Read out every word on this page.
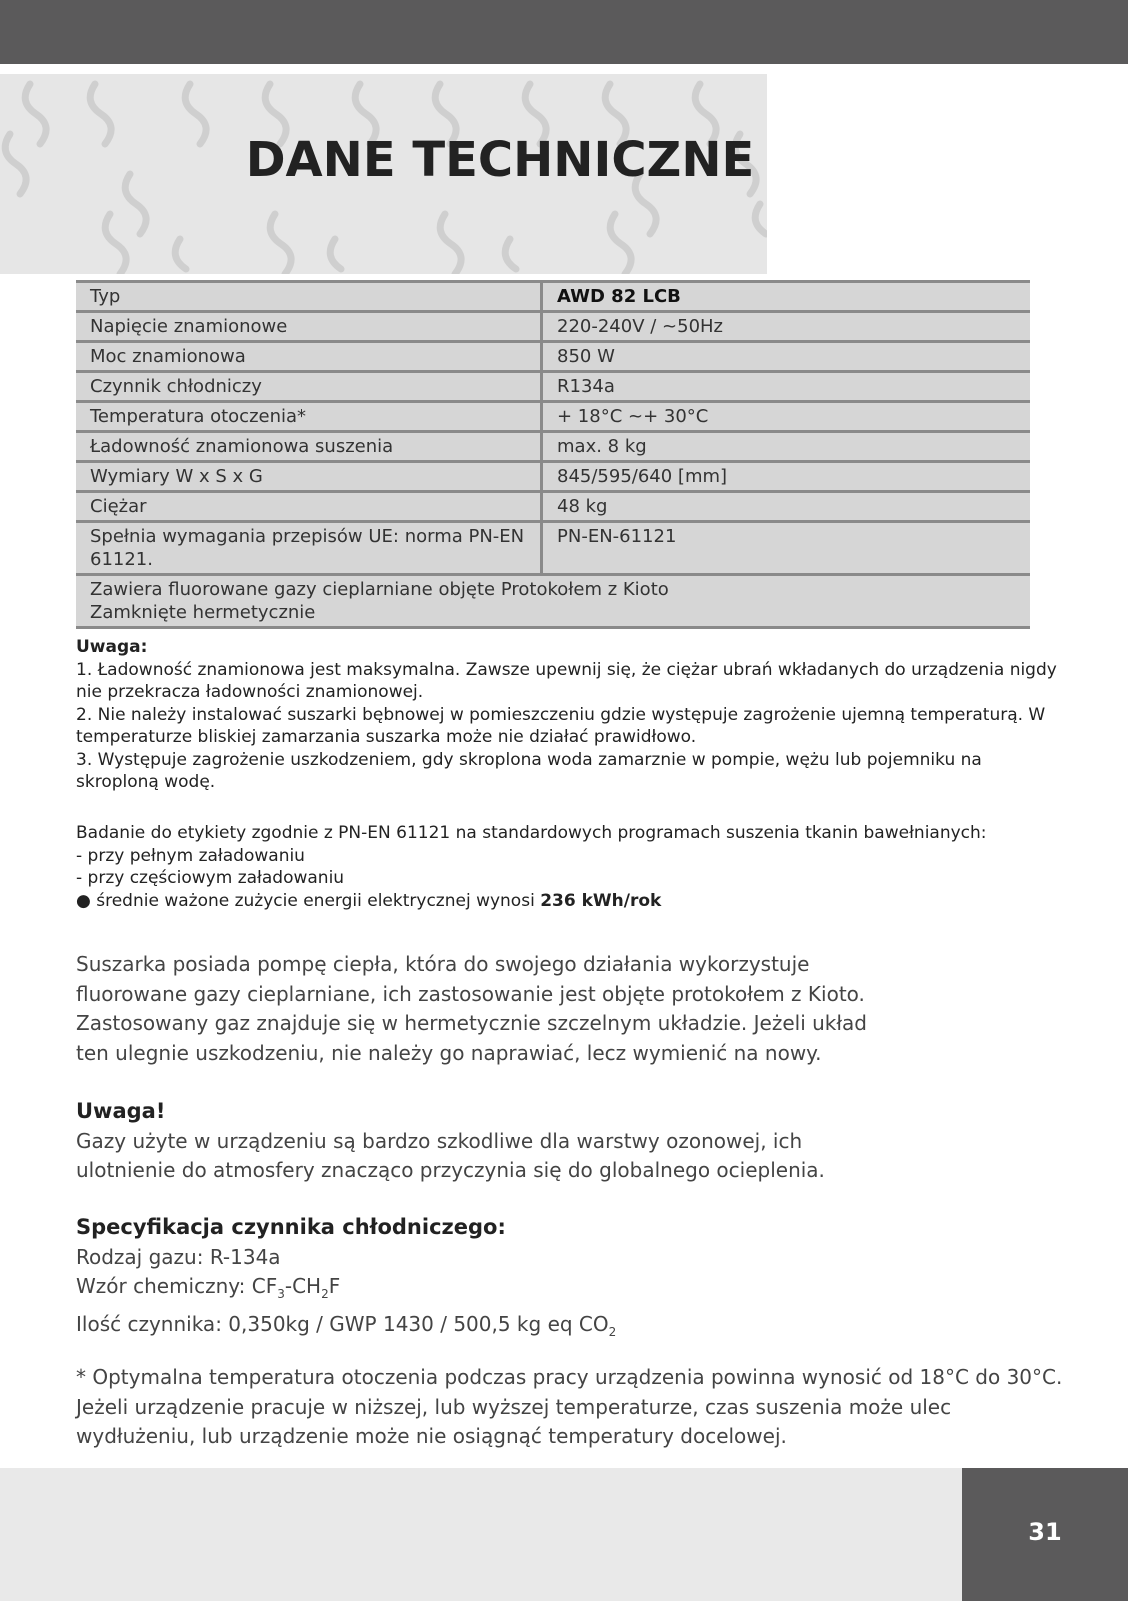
DANE TECHNICZNE
Typ	AWD 82 LCB
Napięcie znamionowe	220-240V / ~50Hz
Moc znamionowa	850 W
Czynnik chłodniczy	R134a
Temperatura otoczenia*	+ 18°C ~+ 30°C
Ładowność znamionowa suszenia	max. 8 kg
Wymiary W x S x G	845/595/640 [mm]
Ciężar	48 kg
Spełnia wymagania przepisów UE: norma PN-EN 61121.	PN-EN-61121

Zawiera fluorowane gazy cieplarniane objęte Protokołem z Kioto
Zamknięte hermetycznie	

Uwaga:

1. Ładowność znamionowa jest maksymalna. Zawsze upewnij się, że ciężar ubrań wkładanych do urządzenia nigdy nie przekracza ładowności znamionowej.

2. Nie należy instalować suszarki bębnowej w pomieszczeniu gdzie występuje zagrożenie ujemną temperaturą. W temperaturze bliskiej zamarzania suszarka może nie działać prawidłowo.

3. Występuje zagrożenie uszkodzeniem, gdy skroplona woda zamarznie w pompie, wężu lub pojemniku na skroploną wodę.

Badanie do etykiety zgodnie z PN-EN 61121 na standardowych programach suszenia tkanin bawełnianych:

- przy pełnym załadowaniu

- przy częściowym załadowaniu

● średnie ważone zużycie energii elektrycznej wynosi 236 kWh/rok

Suszarka posiada pompę ciepła, która do swojego działania wykorzystuje fluorowane gazy cieplarniane, ich zastosowanie jest objęte protokołem z Kioto. Zastosowany gaz znajduje się w hermetycznie szczelnym układzie. Jeżeli układ ten ulegnie uszkodzeniu, nie należy go naprawiać, lecz wymienić na nowy.

Uwaga!

Gazy użyte w urządzeniu są bardzo szkodliwe dla warstwy ozonowej, ich ulotnienie do atmosfery znacząco przyczynia się do globalnego ocieplenia.

Specyfikacja czynnika chłodniczego:

Rodzaj gazu: R-134a

Wzór chemiczny: $CF_3-CH_2F$

Ilość czynnika: 0,350kg / GWP 1430 / 500,5 kg eq $CO_2$

* Optymalna temperatura otoczenia podczas pracy urządzenia powinna wynosić od 18°C do 30°C. Jeżeli urządzenie pracuje w niższej, lub wyższej temperaturze, czas suszenia może ulec wydłużeniu, lub urządzenie może nie osiągnąć temperatury docelowej.

31
